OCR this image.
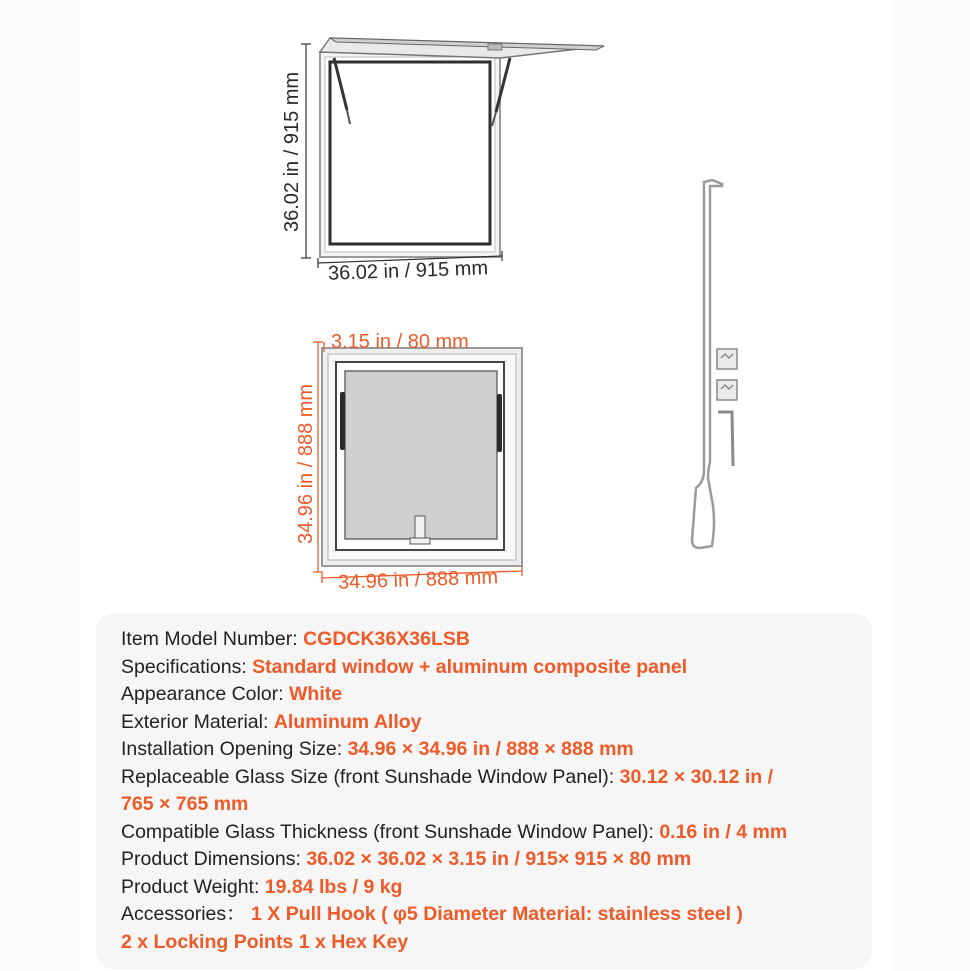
36.02 in / 915 mm
36.02 in / 915 mm
3.15 in / 80 mm
34.96 in / 888 mm
34.96 in / 888 mm
Item Model Number: CGDCK36X36LSB
Specifications: Standard window + aluminum composite panel
Appearance Color: White
Exterior Material: Aluminum Alloy
Installation Opening Size: 34.96 × 34.96 in / 888 × 888 mm
Replaceable Glass Size (front Sunshade Window Panel): 30.12 × 30.12 in /
765 × 765 mm
Compatible Glass Thickness (front Sunshade Window Panel): 0.16 in / 4 mm
Product Dimensions: 36.02 × 36.02 × 3.15 in / 915× 915 × 80 mm
Product Weight: 19.84 lbs / 9 kg
Accessories： 1 X Pull Hook ( φ5 Diameter Material: stainless steel )
2 x Locking Points 1 x Hex Key
